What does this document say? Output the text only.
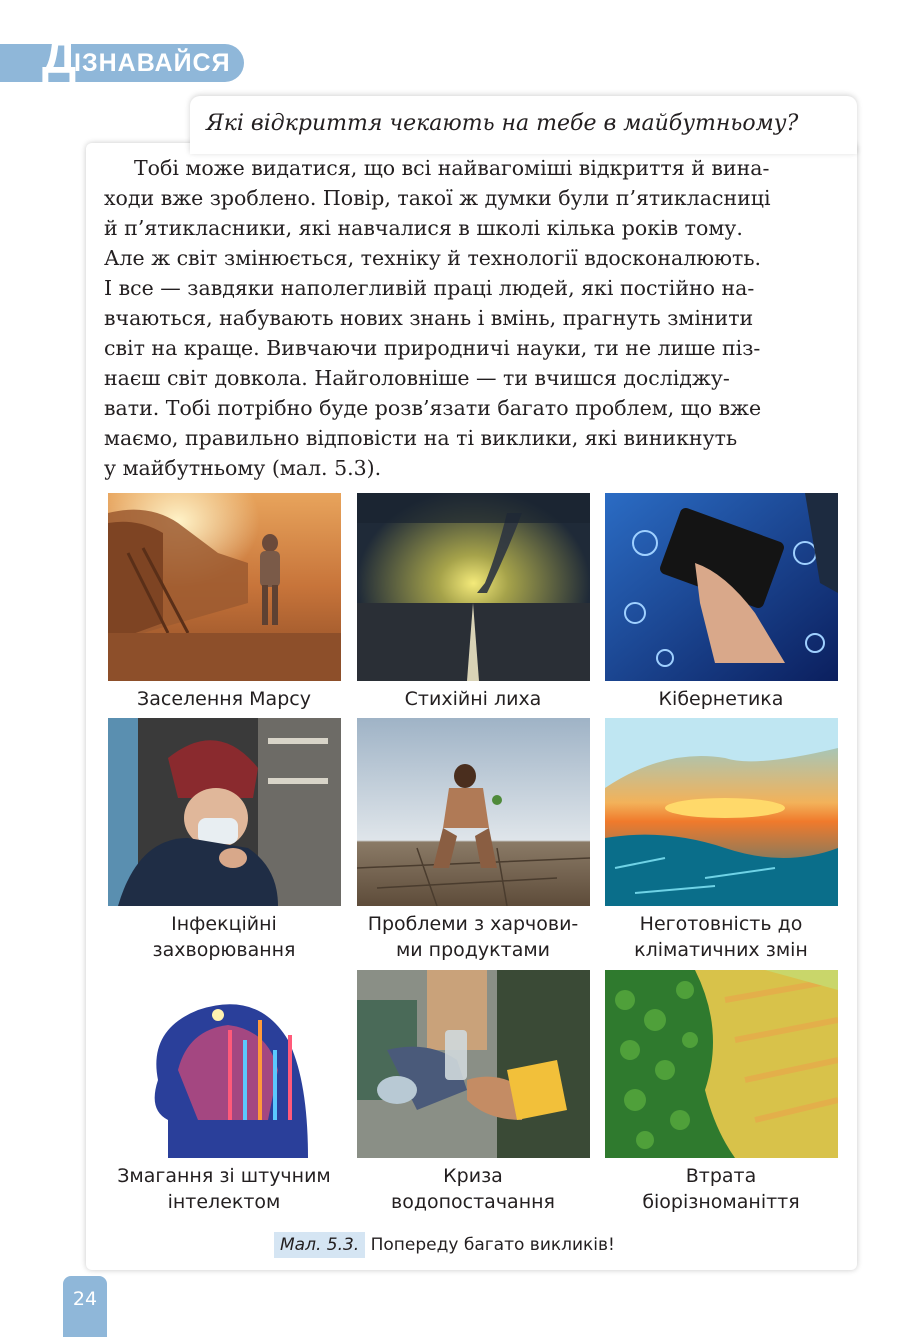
Д
ІЗНАВАЙСЯ
Які відкриття чекають на тебе в майбутньому?
Тобі може видатися, що всі найвагоміші відкриття й вина-
ходи вже зроблено. Повір, такої ж думки були п’ятикласниці
й п’ятикласники, які навчалися в школі кілька років тому.
Але ж світ змінюється, техніку й технології вдосконалюють.
І все — завдяки наполегливій праці людей, які постійно на-
вчаються, набувають нових знань і вмінь, прагнуть змінити
світ на краще. Вивчаючи природничі науки, ти не лише піз-
наєш світ довкола. Найголовніше — ти вчишся досліджу-
вати. Тобі потрібно буде розв’язати багато проблем, що вже
маємо, правильно відповісти на ті виклики, які виникнуть
у майбутньому (мал. 5.3).
Заселення Марсу	Стихійні лиха	Кібернетика
Інфекційні
захворювання
Проблеми з харчови-
ми продуктами
Неготовність до
кліматичних змін
Змагання зі штучним
інтелектом
Криза
водопостачання
Втрата
біорізноманіття
Мал. 5.3. Попереду багато викликів!
24
